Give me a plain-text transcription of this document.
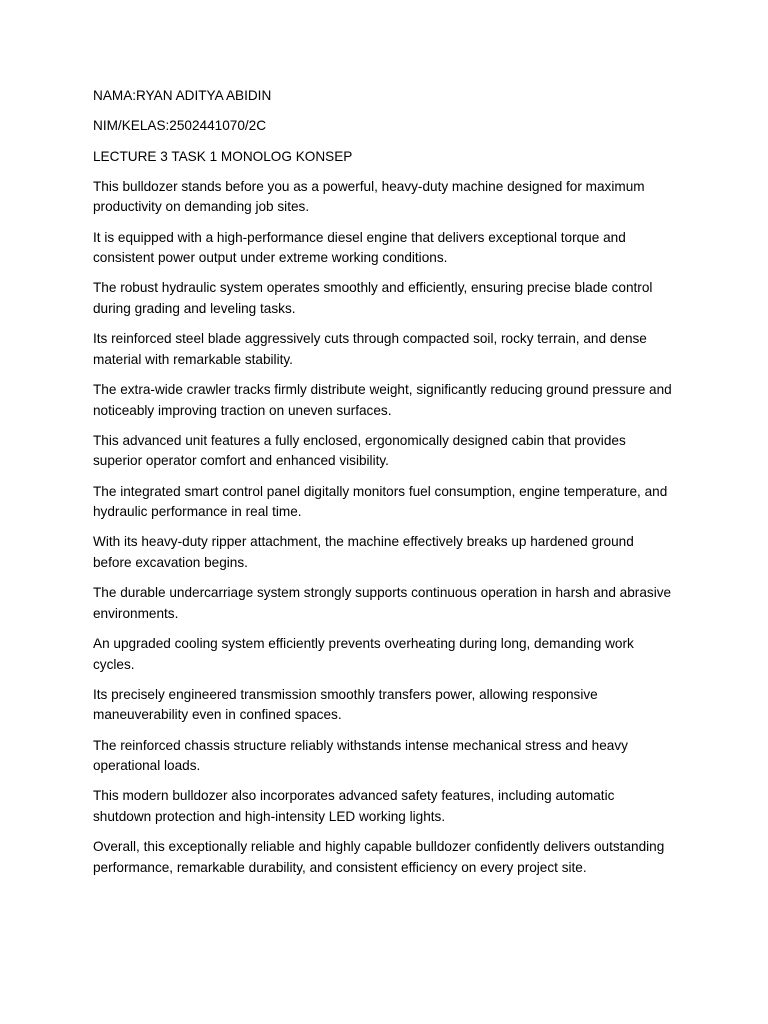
NAMA:RYAN ADITYA ABIDIN

NIM/KELAS:2502441070/2C

LECTURE 3 TASK 1 MONOLOG KONSEP

This bulldozer stands before you as a powerful, heavy-duty machine designed for maximum productivity on demanding job sites.

It is equipped with a high-performance diesel engine that delivers exceptional torque and consistent power output under extreme working conditions.

The robust hydraulic system operates smoothly and efficiently, ensuring precise blade control during grading and leveling tasks.

Its reinforced steel blade aggressively cuts through compacted soil, rocky terrain, and dense material with remarkable stability.

The extra-wide crawler tracks firmly distribute weight, significantly reducing ground pressure and noticeably improving traction on uneven surfaces.

This advanced unit features a fully enclosed, ergonomically designed cabin that provides superior operator comfort and enhanced visibility.

The integrated smart control panel digitally monitors fuel consumption, engine temperature, and hydraulic performance in real time.

With its heavy-duty ripper attachment, the machine effectively breaks up hardened ground before excavation begins.

The durable undercarriage system strongly supports continuous operation in harsh and abrasive environments.

An upgraded cooling system efficiently prevents overheating during long, demanding work cycles.

Its precisely engineered transmission smoothly transfers power, allowing responsive maneuverability even in confined spaces.

The reinforced chassis structure reliably withstands intense mechanical stress and heavy operational loads.

This modern bulldozer also incorporates advanced safety features, including automatic shutdown protection and high-intensity LED working lights.

Overall, this exceptionally reliable and highly capable bulldozer confidently delivers outstanding performance, remarkable durability, and consistent efficiency on every project site.
